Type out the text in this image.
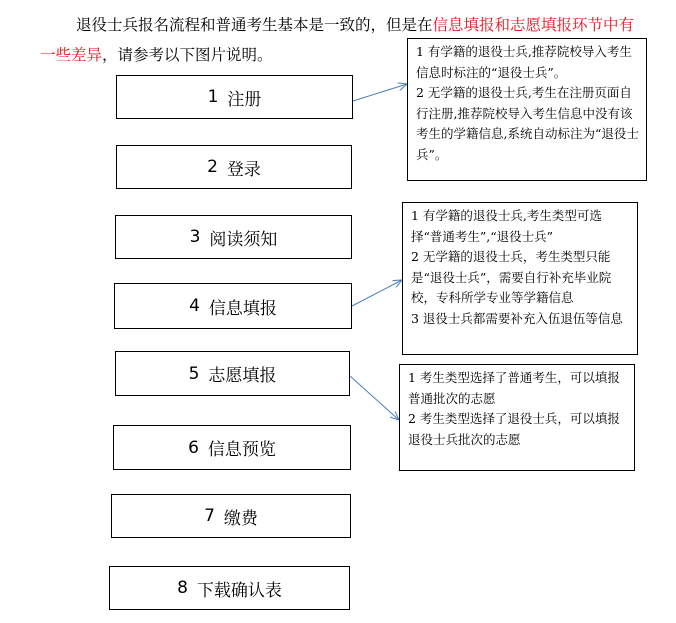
退役士兵报名流程和普通考生基本是一致的，但是在信息填报和志愿填报环节中有一些差异，请参考以下图片说明。

1 注册
2 登录
3 阅读须知
4 信息填报
5 志愿填报
6 信息预览
7 缴费
8 下载确认表

1 有学籍的退役士兵,推荐院校导入考生信息时标注的“退役士兵”。

2 无学籍的退役士兵,考生在注册页面自行注册,推荐院校导入考生信息中没有该考生的学籍信息,系统自动标注为“退役士兵”。

1 有学籍的退役士兵,考生类型可选择“普通考生”,“退役士兵”

2 无学籍的退役士兵，考生类型只能是“退役士兵”，需要自行补充毕业院校，专科所学专业等学籍信息

3 退役士兵都需要补充入伍退伍等信息

1 考生类型选择了普通考生，可以填报普通批次的志愿

2 考生类型选择了退役士兵，可以填报退役士兵批次的志愿
